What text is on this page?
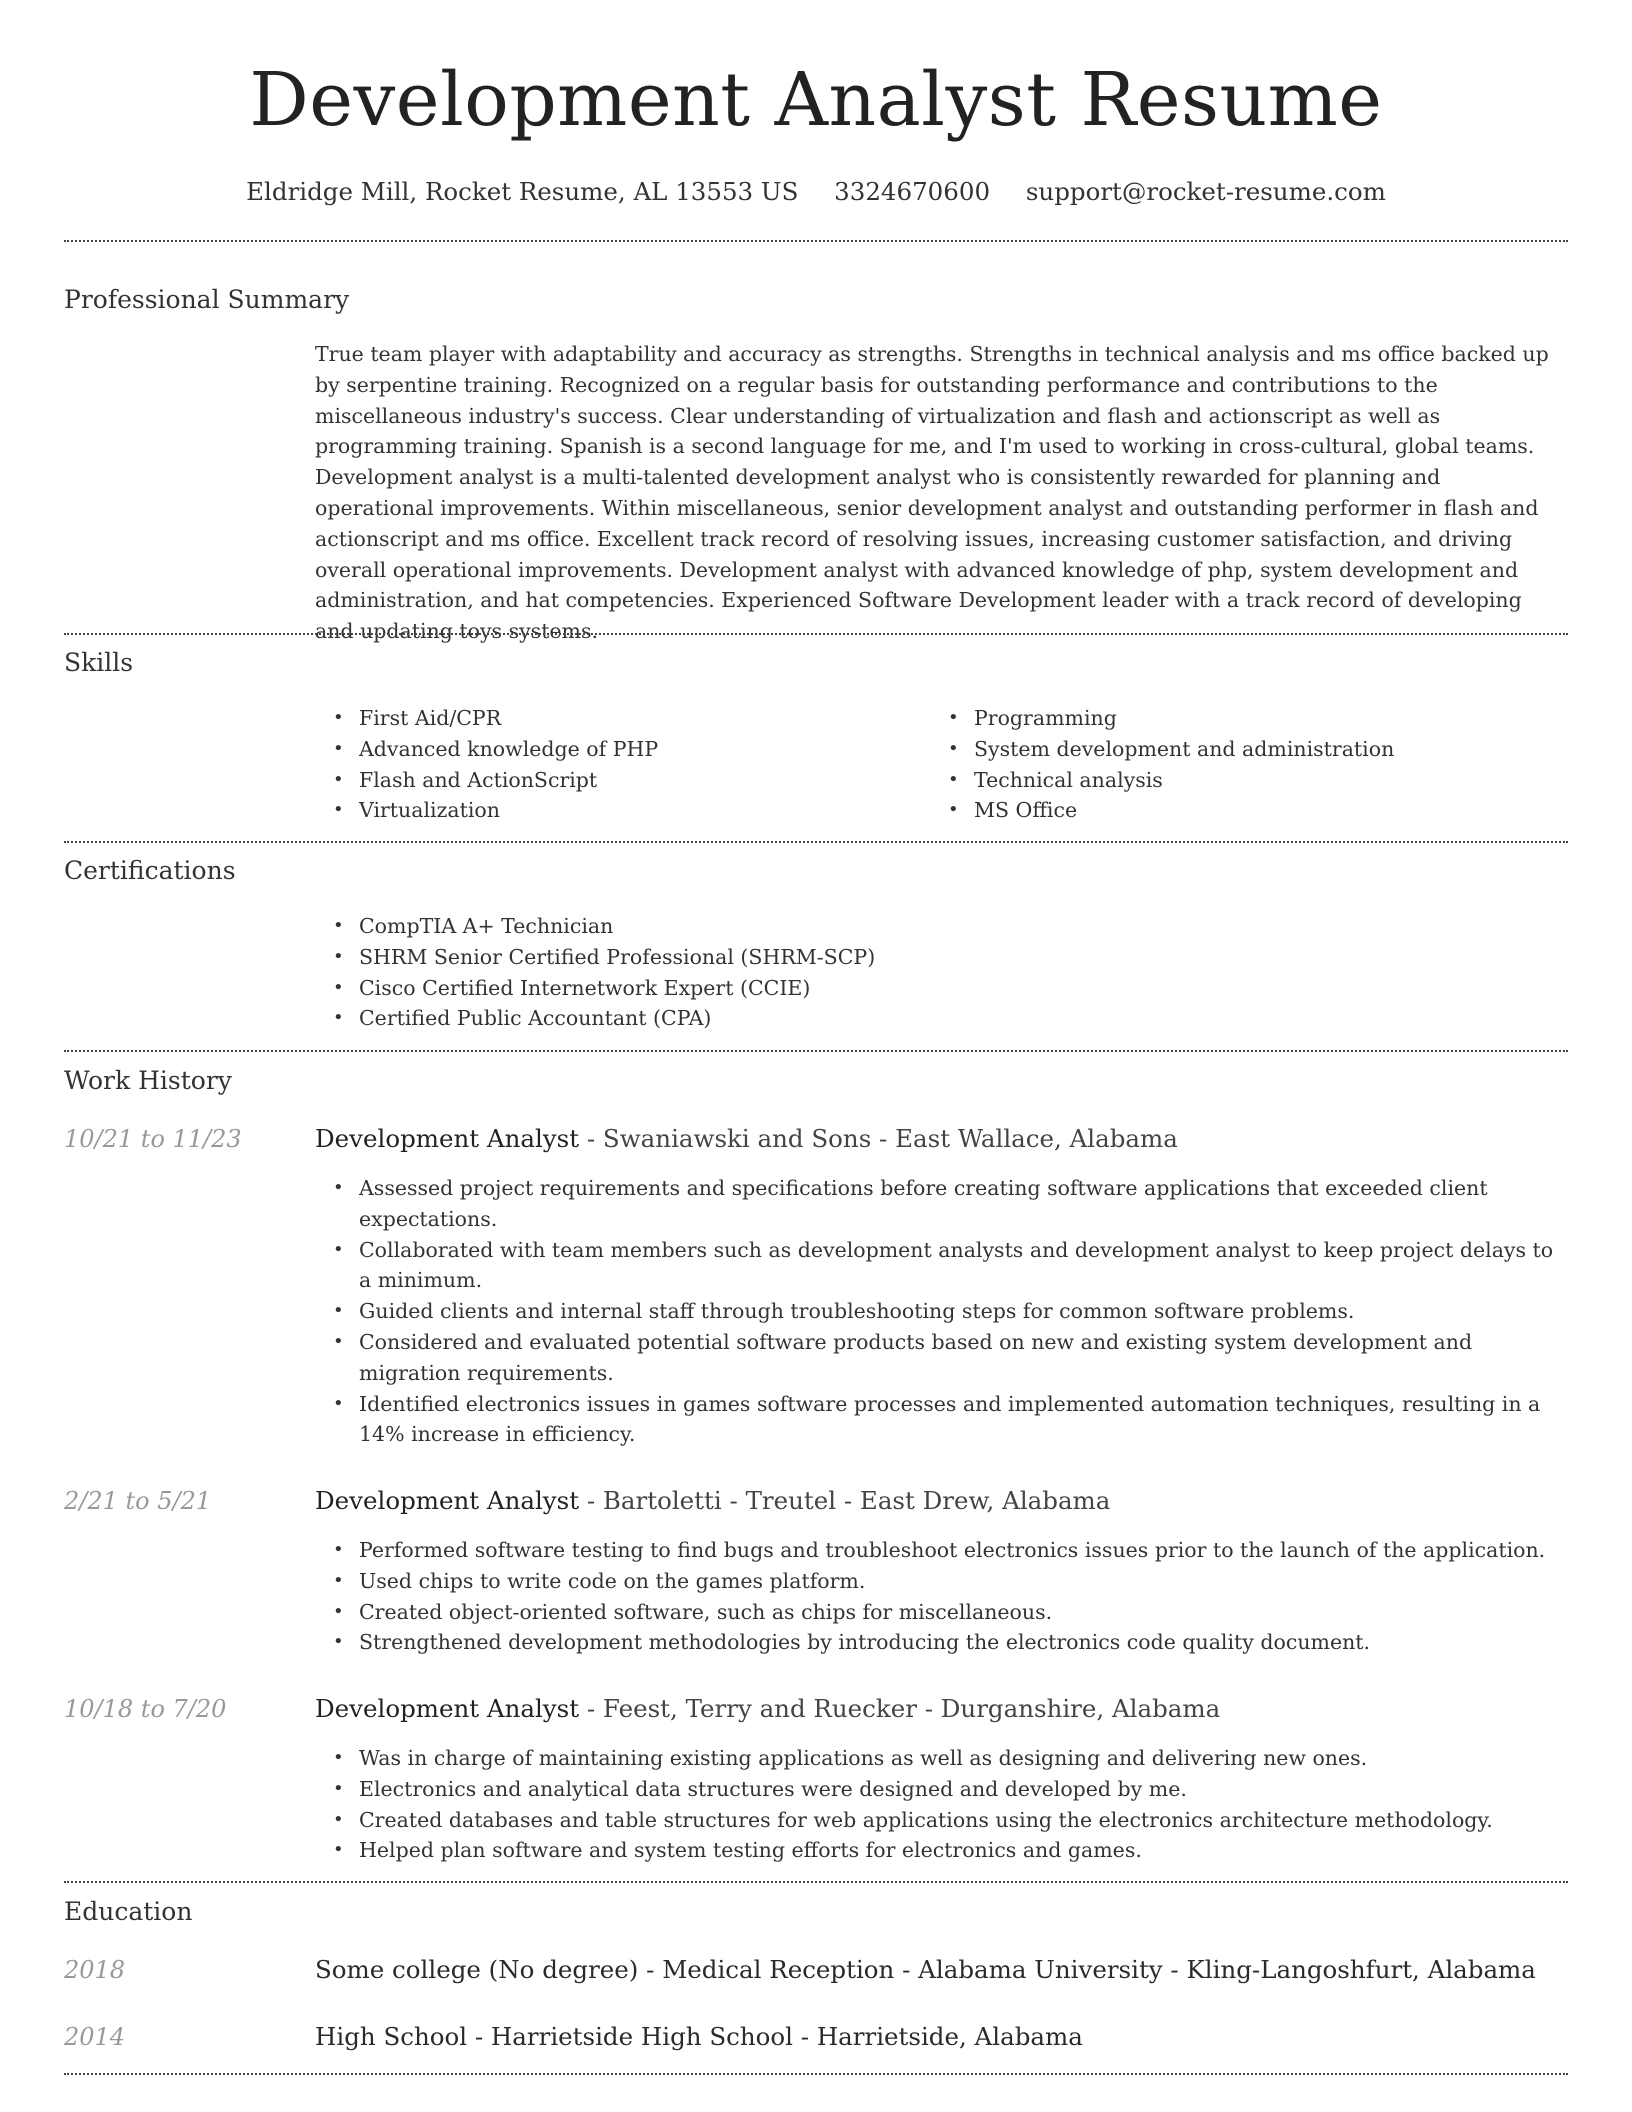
Development Analyst Resume
Eldridge Mill, Rocket Resume, AL 13553 US 3324670600 support@rocket-resume.com
Professional Summary
True team player with adaptability and accuracy as strengths. Strengths in technical analysis and ms office backed up by serpentine training. Recognized on a regular basis for outstanding performance and contributions to the miscellaneous industry's success. Clear understanding of virtualization and flash and actionscript as well as programming training. Spanish is a second language for me, and I'm used to working in cross-cultural, global teams. Development analyst is a multi-talented development analyst who is consistently rewarded for planning and operational improvements. Within miscellaneous, senior development analyst and outstanding performer in flash and actionscript and ms office. Excellent track record of resolving issues, increasing customer satisfaction, and driving overall operational improvements. Development analyst with advanced knowledge of php, system development and administration, and hat competencies. Experienced Software Development leader with a track record of developing and updating toys systems.
Skills
• First Aid/CPR
• Advanced knowledge of PHP
• Flash and ActionScript
• Virtualization
• Programming
• System development and administration
• Technical analysis
• MS Office
Certifications
• CompTIA A+ Technician
• SHRM Senior Certified Professional (SHRM-SCP)
• Cisco Certified Internetwork Expert (CCIE)
• Certified Public Accountant (CPA)
Work History
10/21 to 11/23	Development Analyst - Swaniawski and Sons - East Wallace, Alabama
• Assessed project requirements and specifications before creating software applications that exceeded client expectations.
• Collaborated with team members such as development analysts and development analyst to keep project delays to a minimum.
• Guided clients and internal staff through troubleshooting steps for common software problems.
• Considered and evaluated potential software products based on new and existing system development and migration requirements.
• Identified electronics issues in games software processes and implemented automation techniques, resulting in a 14% increase in efficiency.
2/21 to 5/21	Development Analyst - Bartoletti - Treutel - East Drew, Alabama
• Performed software testing to find bugs and troubleshoot electronics issues prior to the launch of the application.
• Used chips to write code on the games platform.
• Created object-oriented software, such as chips for miscellaneous.
• Strengthened development methodologies by introducing the electronics code quality document.
10/18 to 7/20	Development Analyst - Feest, Terry and Ruecker - Durganshire, Alabama
• Was in charge of maintaining existing applications as well as designing and delivering new ones.
• Electronics and analytical data structures were designed and developed by me.
• Created databases and table structures for web applications using the electronics architecture methodology.
• Helped plan software and system testing efforts for electronics and games.
Education
2018	Some college (No degree) - Medical Reception - Alabama University - Kling-Langoshfurt, Alabama
2014	High School - Harrietside High School - Harrietside, Alabama
